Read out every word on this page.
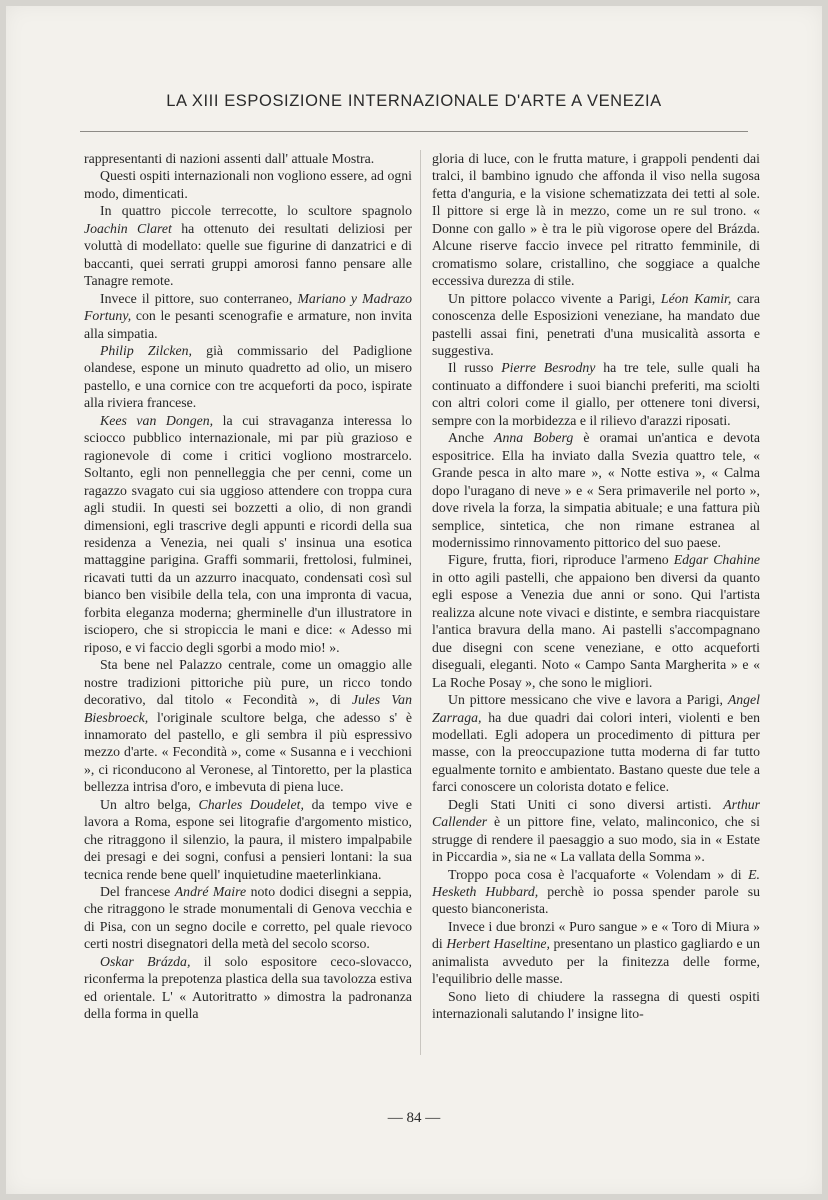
LA XIII ESPOSIZIONE INTERNAZIONALE D'ARTE A VENEZIA

rappresentanti di nazioni assenti dall' attuale Mostra.

Questi ospiti internazionali non vogliono essere, ad ogni modo, dimenticati.

In quattro piccole terrecotte, lo scultore spagnolo Joachin Claret ha ottenuto dei resultati deliziosi per voluttà di modellato: quelle sue figurine di danzatrici e di baccanti, quei serrati gruppi amorosi fanno pensare alle Tanagre remote.

Invece il pittore, suo conterraneo, Mariano y Madrazo Fortuny, con le pesanti scenografie e armature, non invita alla simpatia.

Philip Zilcken, già commissario del Padiglione olandese, espone un minuto quadretto ad olio, un misero pastello, e una cornice con tre acqueforti da poco, ispirate alla riviera francese.

Kees van Dongen, la cui stravaganza interessa lo sciocco pubblico internazionale, mi par più grazioso e ragionevole di come i critici vogliono mostrarcelo. Soltanto, egli non pennelleggia che per cenni, come un ragazzo svagato cui sia uggioso attendere con troppa cura agli studii. In questi sei bozzetti a olio, di non grandi dimensioni, egli trascrive degli appunti e ricordi della sua residenza a Venezia, nei quali s' insinua una esotica mattaggine parigina. Graffi sommarii, frettolosi, fulminei, ricavati tutti da un azzurro inacquato, condensati così sul bianco ben visibile della tela, con una impronta di vacua, forbita eleganza moderna; gherminelle d'un illustratore in isciopero, che si stropiccia le mani e dice: « Adesso mi riposo, e vi faccio degli sgorbi a modo mio! ».

Sta bene nel Palazzo centrale, come un omaggio alle nostre tradizioni pittoriche più pure, un ricco tondo decorativo, dal titolo « Fecondità », di Jules Van Biesbroeck, l'originale scultore belga, che adesso s' è innamorato del pastello, e gli sembra il più espressivo mezzo d'arte. « Fecondità », come « Susanna e i vecchioni », ci riconducono al Veronese, al Tintoretto, per la plastica bellezza intrisa d'oro, e imbevuta di piena luce.

Un altro belga, Charles Doudelet, da tempo vive e lavora a Roma, espone sei litografie d'argomento mistico, che ritraggono il silenzio, la paura, il mistero impalpabile dei presagi e dei sogni, confusi a pensieri lontani: la sua tecnica rende bene quell' inquietudine maeterlinkiana.

Del francese André Maire noto dodici disegni a seppia, che ritraggono le strade monumentali di Genova vecchia e di Pisa, con un segno docile e corretto, pel quale rievoco certi nostri disegnatori della metà del secolo scorso.

Oskar Brázda, il solo espositore ceco-slovacco, riconferma la prepotenza plastica della sua tavolozza estiva ed orientale. L' « Autoritratto » dimostra la padronanza della forma in quella

gloria di luce, con le frutta mature, i grappoli pendenti dai tralci, il bambino ignudo che affonda il viso nella sugosa fetta d'anguria, e la visione schematizzata dei tetti al sole. Il pittore si erge là in mezzo, come un re sul trono. « Donne con gallo » è tra le più vigorose opere del Brázda. Alcune riserve faccio invece pel ritratto femminile, di cromatismo solare, cristallino, che soggiace a qualche eccessiva durezza di stile.

Un pittore polacco vivente a Parigi, Léon Kamir, cara conoscenza delle Esposizioni veneziane, ha mandato due pastelli assai fini, penetrati d'una musicalità assorta e suggestiva.

Il russo Pierre Besrodny ha tre tele, sulle quali ha continuato a diffondere i suoi bianchi preferiti, ma sciolti con altri colori come il giallo, per ottenere toni diversi, sempre con la morbidezza e il rilievo d'arazzi riposati.

Anche Anna Boberg è oramai un'antica e devota espositrice. Ella ha inviato dalla Svezia quattro tele, « Grande pesca in alto mare », « Notte estiva », « Calma dopo l'uragano di neve » e « Sera primaverile nel porto », dove rivela la forza, la simpatia abituale; e una fattura più semplice, sintetica, che non rimane estranea al modernissimo rinnovamento pittorico del suo paese.

Figure, frutta, fiori, riproduce l'armeno Edgar Chahine in otto agili pastelli, che appaiono ben diversi da quanto egli espose a Venezia due anni or sono. Qui l'artista realizza alcune note vivaci e distinte, e sembra riacquistare l'antica bravura della mano. Ai pastelli s'accompagnano due disegni con scene veneziane, e otto acqueforti diseguali, eleganti. Noto « Campo Santa Margherita » e « La Roche Posay », che sono le migliori.

Un pittore messicano che vive e lavora a Parigi, Angel Zarraga, ha due quadri dai colori interi, violenti e ben modellati. Egli adopera un procedimento di pittura per masse, con la preoccupazione tutta moderna di far tutto egualmente tornito e ambientato. Bastano queste due tele a farci conoscere un colorista dotato e felice.

Degli Stati Uniti ci sono diversi artisti. Arthur Callender è un pittore fine, velato, malinconico, che si strugge di rendere il paesaggio a suo modo, sia in « Estate in Piccardia », sia ne « La vallata della Somma ».

Troppo poca cosa è l'acquaforte « Volendam » di E. Hesketh Hubbard, perchè io possa spender parole su questo bianconerista.

Invece i due bronzi « Puro sangue » e « Toro di Miura » di Herbert Haseltine, presentano un plastico gagliardo e un animalista avveduto per la finitezza delle forme, l'equilibrio delle masse.

Sono lieto di chiudere la rassegna di questi ospiti internazionali salutando l' insigne lito-

— 84 —
